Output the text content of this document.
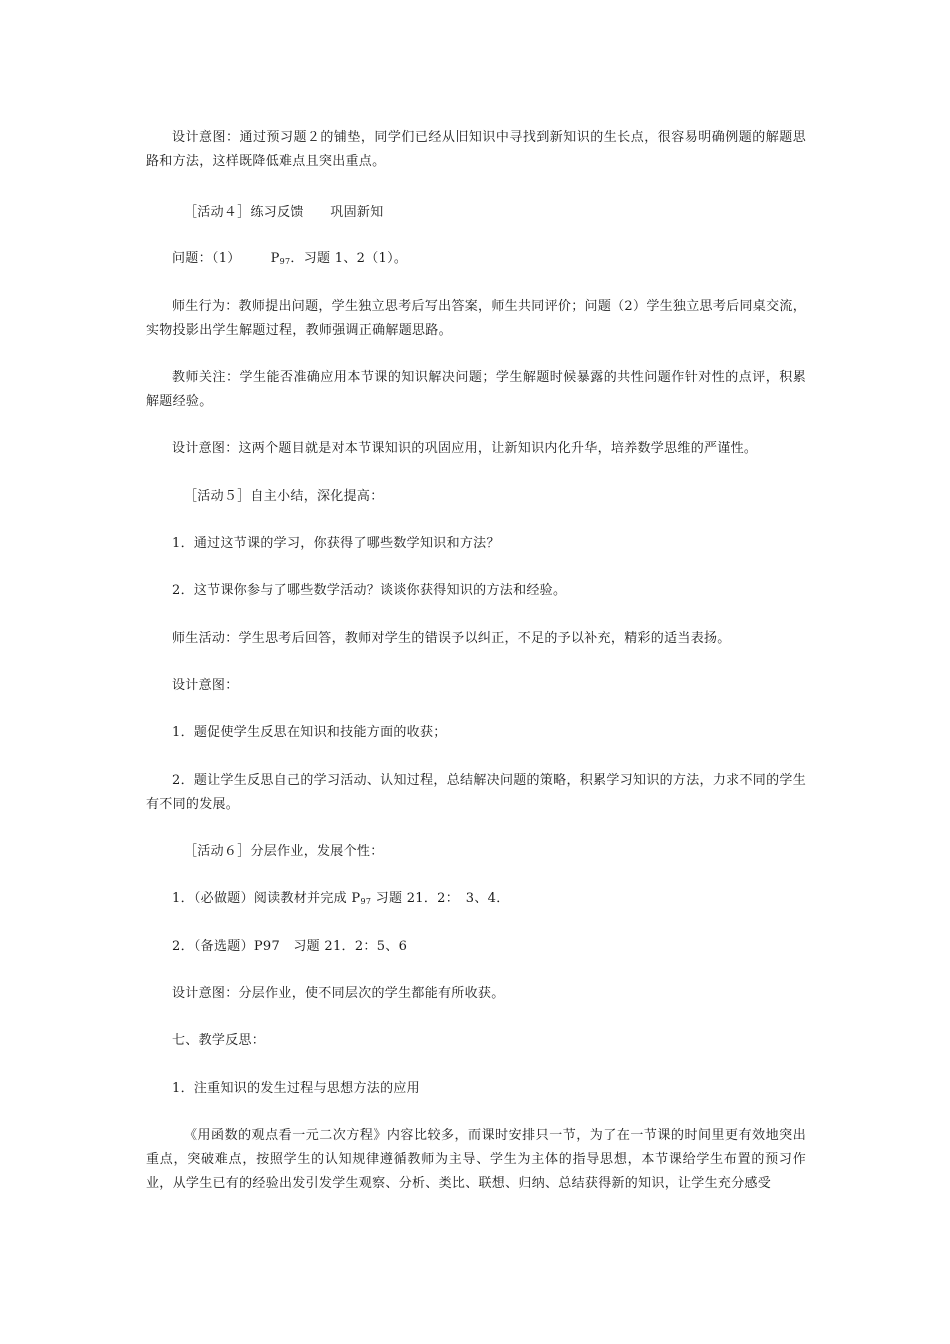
设计意图：通过预习题２的铺垫，同学们已经从旧知识中寻找到新知识的生长点，很容易明确例题的解题思路和方法，这样既降低难点且突出重点。

［活动４］练习反馈　　巩固新知

问题：（1） $P_{97}$．习题 1、2（1）。

师生行为：教师提出问题，学生独立思考后写出答案，师生共同评价；问题（2）学生独立思考后同桌交流，实物投影出学生解题过程，教师强调正确解题思路。

教师关注：学生能否准确应用本节课的知识解决问题；学生解题时候暴露的共性问题作针对性的点评，积累解题经验。

设计意图：这两个题目就是对本节课知识的巩固应用，让新知识内化升华，培养数学思维的严谨性。

［活动５］自主小结，深化提高：

1．通过这节课的学习，你获得了哪些数学知识和方法？

2．这节课你参与了哪些数学活动？谈谈你获得知识的方法和经验。

师生活动：学生思考后回答，教师对学生的错误予以纠正，不足的予以补充，精彩的适当表扬。

设计意图：

1．题促使学生反思在知识和技能方面的收获；

2．题让学生反思自己的学习活动、认知过程，总结解决问题的策略，积累学习知识的方法，力求不同的学生有不同的发展。

［活动６］分层作业，发展个性：

1．（必做题）阅读教材并完成 $P_{97}$ 习题 21．2：　3、4．

2．（备选题）P97　习题 21．2：5、6

设计意图：分层作业，使不同层次的学生都能有所收获。

七、教学反思：

1．注重知识的发生过程与思想方法的应用

《用函数的观点看一元二次方程》内容比较多，而课时安排只一节，为了在一节课的时间里更有效地突出重点，突破难点，按照学生的认知规律遵循教师为主导、学生为主体的指导思想，本节课给学生布置的预习作业，从学生已有的经验出发引发学生观察、分析、类比、联想、归纳、总结获得新的知识，让学生充分感受
